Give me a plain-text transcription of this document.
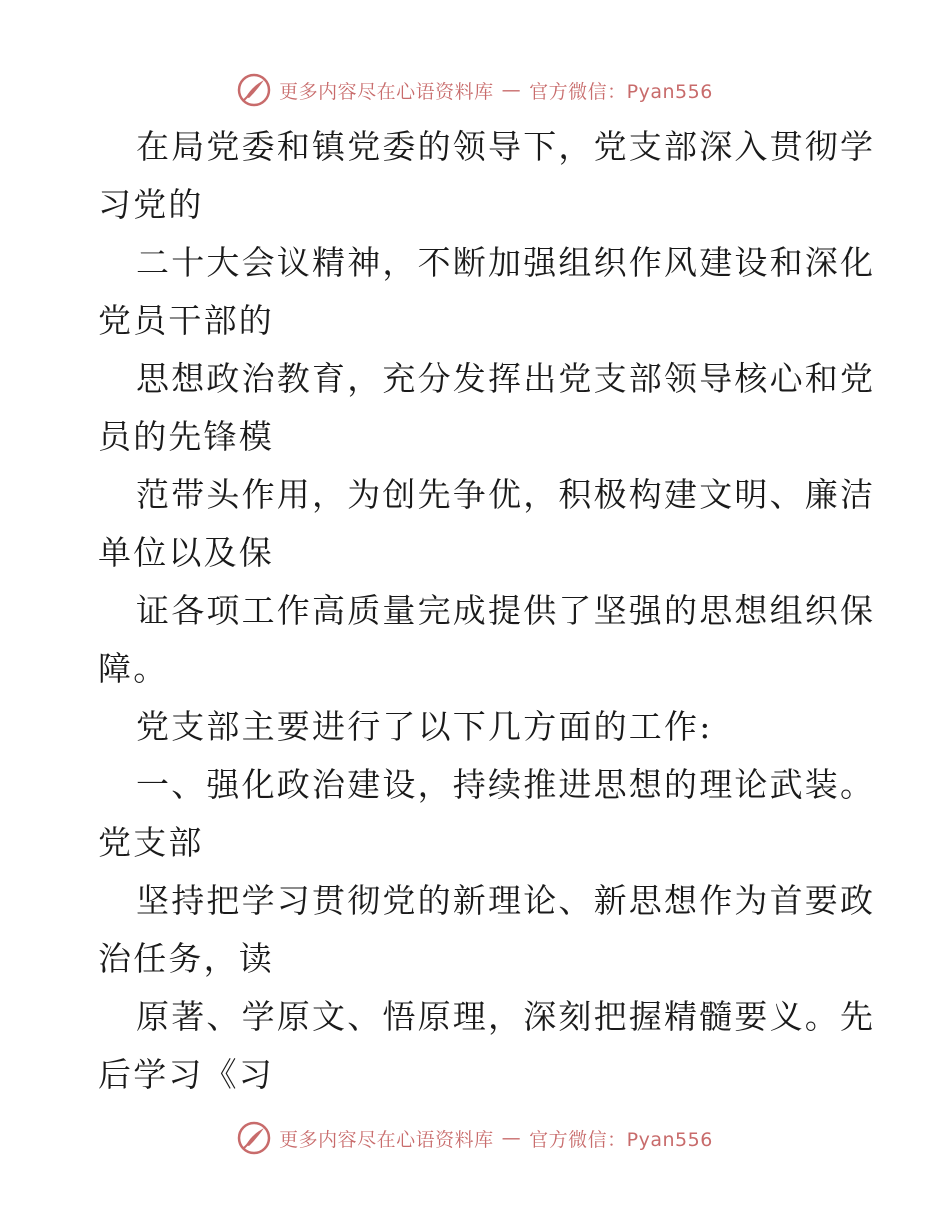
更多内容尽在心语资料库 — 官方微信：Pyan556
在局党委和镇党委的领导下，党支部深入贯彻学
习党的
二十大会议精神，不断加强组织作风建设和深化
党员干部的
思想政治教育，充分发挥出党支部领导核心和党
员的先锋模
范带头作用，为创先争优，积极构建文明、廉洁
单位以及保
证各项工作高质量完成提供了坚强的思想组织保
障。
党支部主要进行了以下几方面的工作:
一、强化政治建设，持续推进思想的理论武装。
党支部
坚持把学习贯彻党的新理论、新思想作为首要政
治任务，读
原著、学原文、悟原理，深刻把握精髓要义。先
后学习《习
更多内容尽在心语资料库 — 官方微信：Pyan556
